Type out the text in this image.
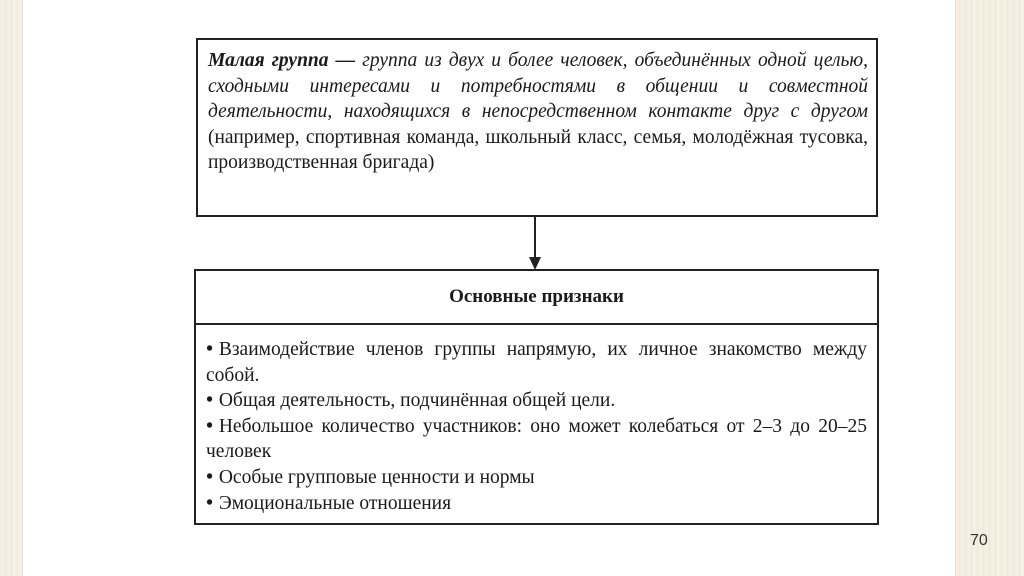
Малая группа — группа из двух и более человек, объединённых одной целью, сходными интересами и потребностями в общении и совместной деятельности, находящихся в непосредственном контакте друг с другом (например, спортивная команда, школьный класс, семья, молодёжная тусовка, производственная бригада)
Основные признаки
• Взаимодействие членов группы напрямую, их личное знакомство между собой.
• Общая деятельность, подчинённая общей цели.
• Небольшое количество участников: оно может колебаться от 2–3 до 20–25 человек
• Особые групповые ценности и нормы
• Эмоциональные отношения
70
